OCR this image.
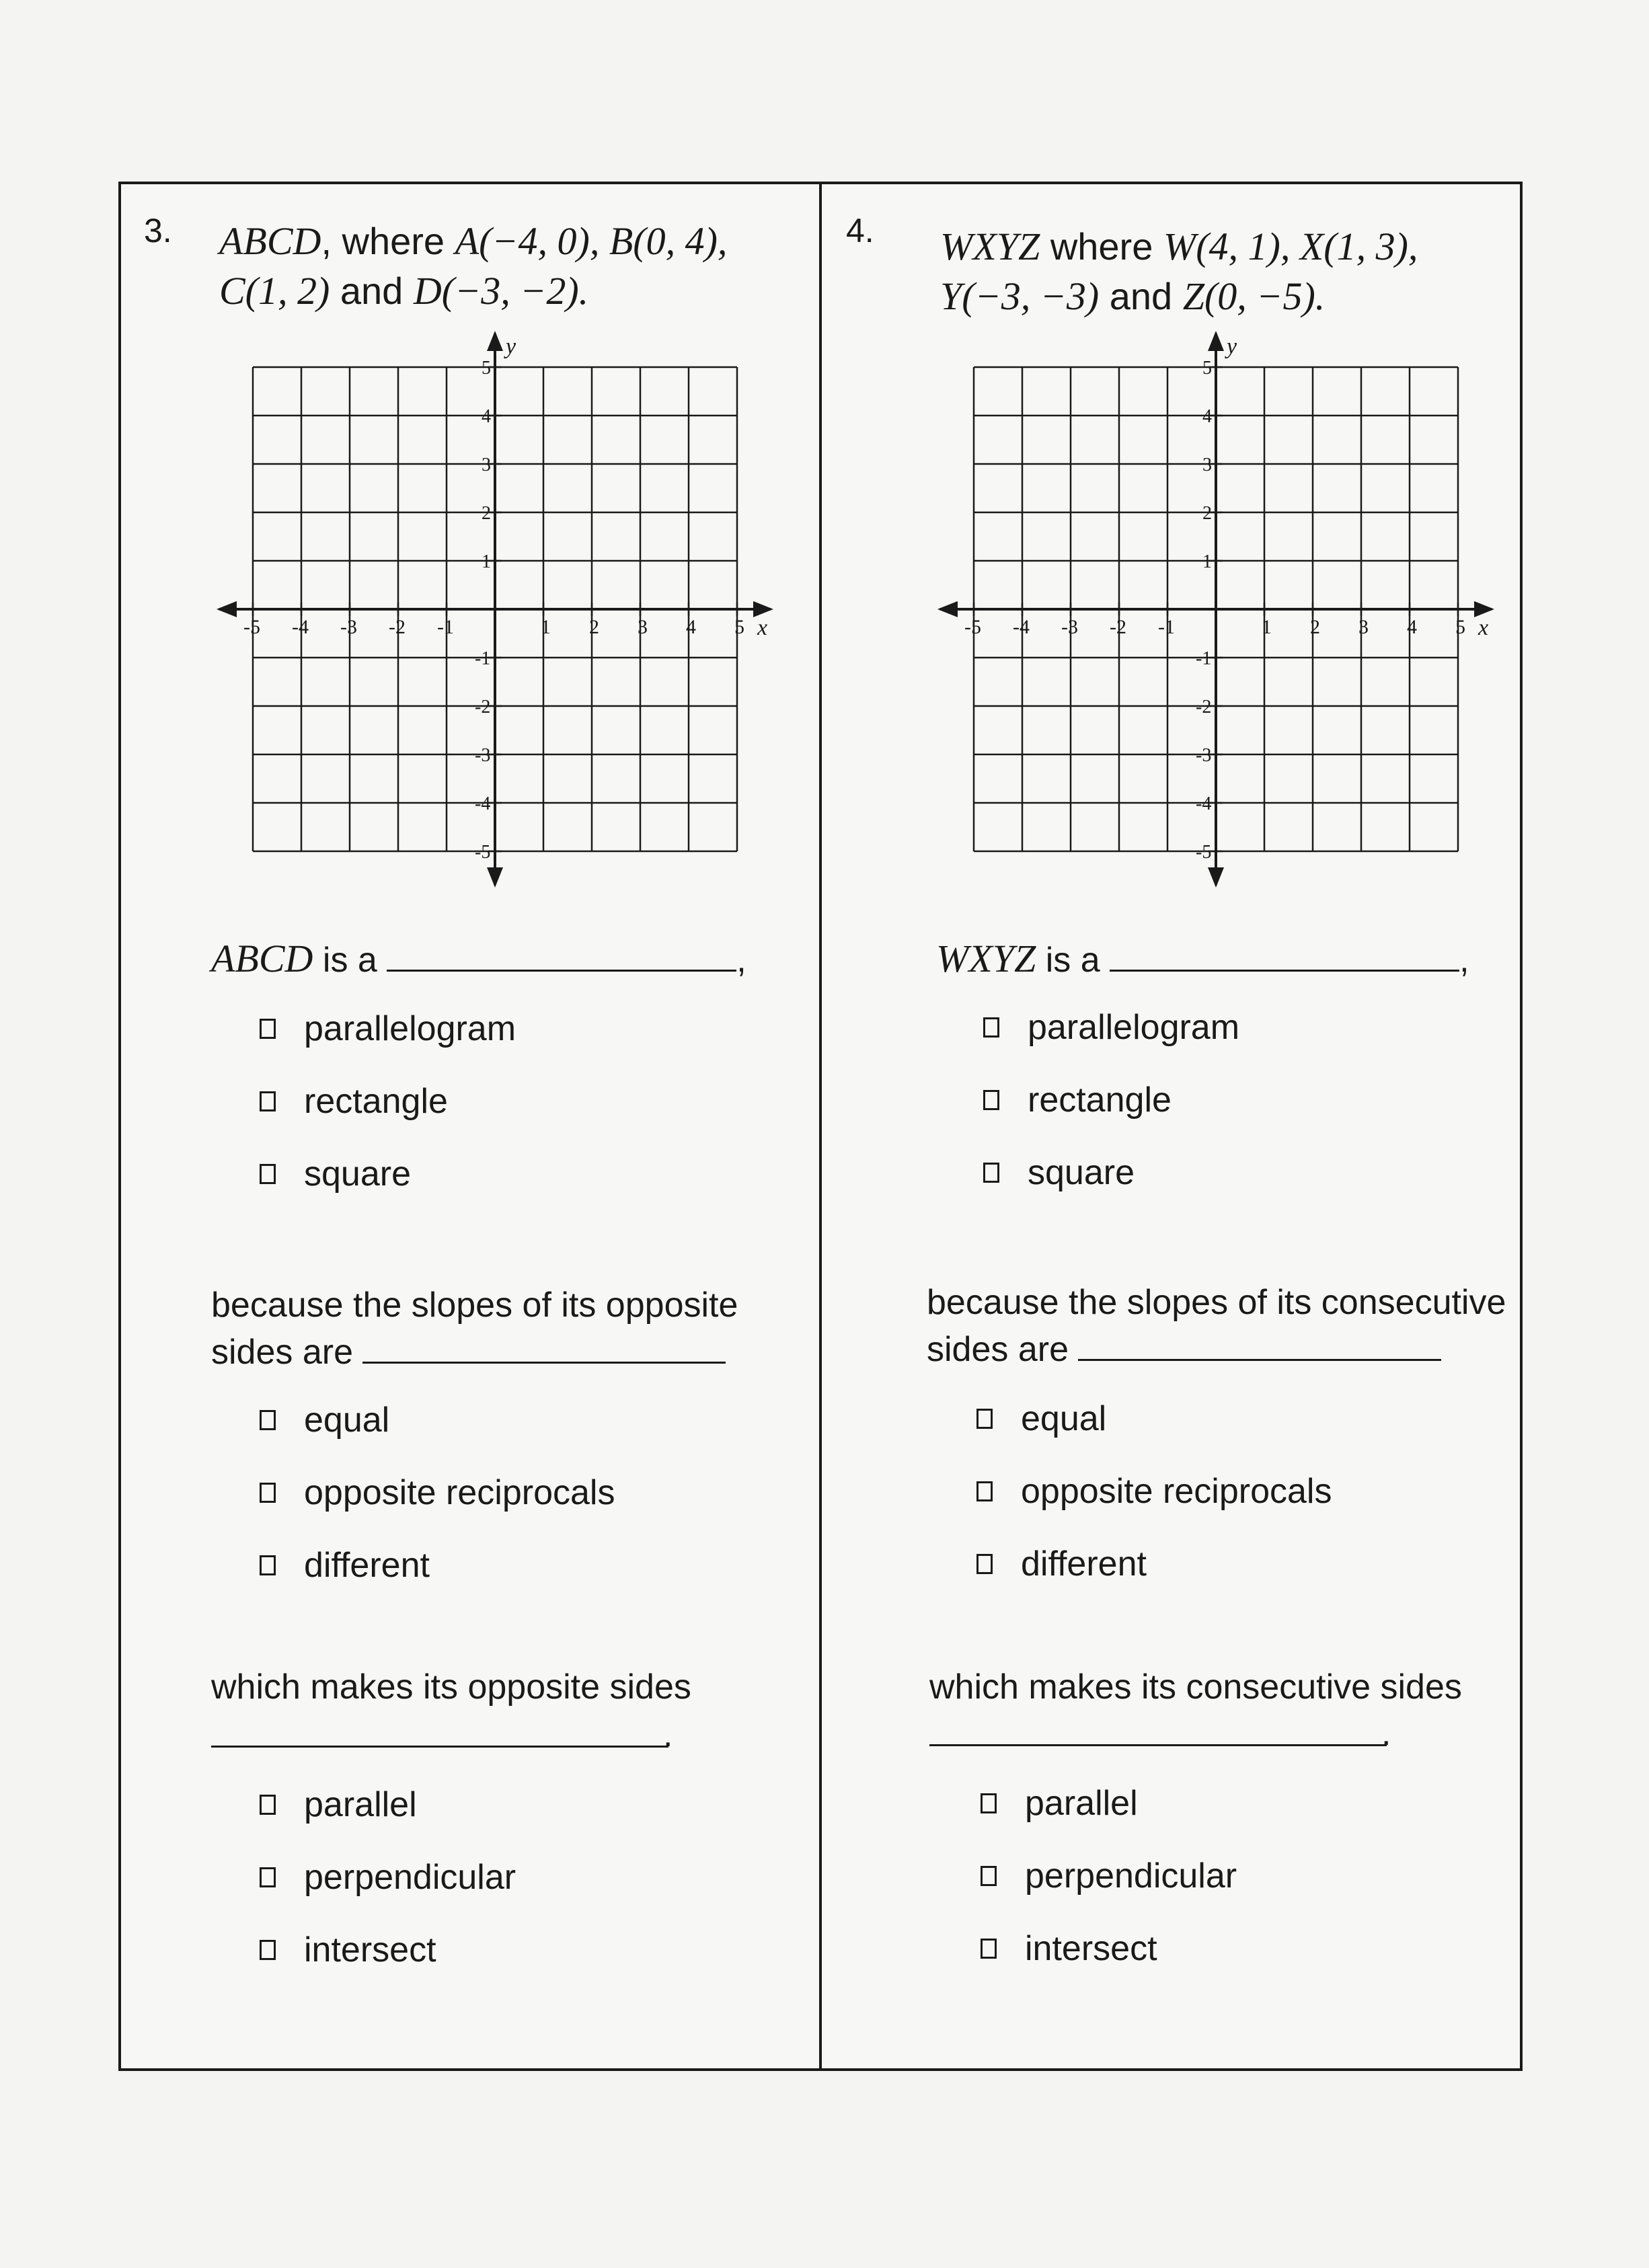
3. ABCD, where A(−4, 0), B(0, 4),
C(1, 2) and D(−3, −2).
x
y
-5 -4 -3 -2 -1	1 2 3 4 5
5
4
3
2
1
-1
-2
-3
-4
-5
ABCD is a	,
parallelogram
rectangle
square
because the slopes of its opposite
sides are
equal
opposite reciprocals
different
which makes its opposite sides
.
parallel
perpendicular
intersect
4. WXYZ where W(4, 1), X(1, 3),
Y(−3, −3) and Z(0, −5).
x
y
-5 -4 -3 -2 -1	1 2 3 4 5
5
4
3
2
1
-1
-2
-3
-4
-5
WXYZ is a	,
parallelogram
rectangle
square
because the slopes of its consecutive
sides are
equal
opposite reciprocals
different
which makes its consecutive sides
.
parallel
perpendicular
intersect
